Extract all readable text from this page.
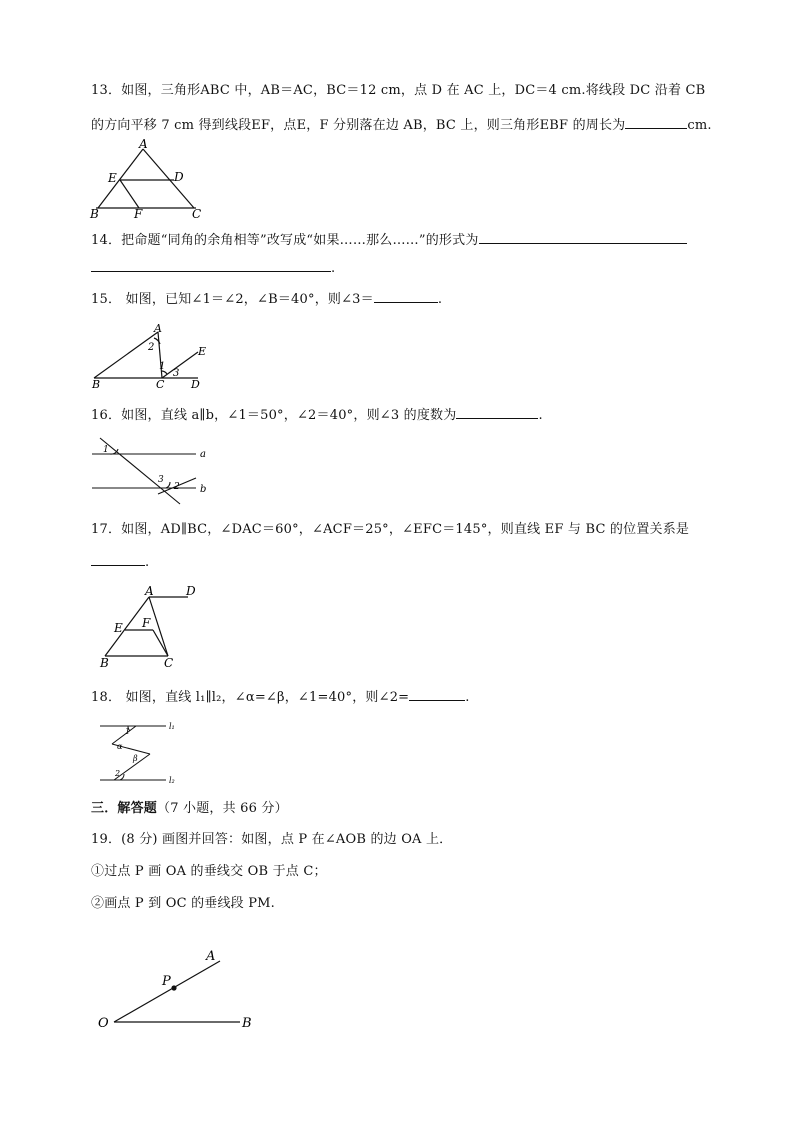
13．如图，三角形ABC 中，AB＝AC，BC＝12 cm，点 D 在 AC 上，DC＝4 cm.将线段 DC 沿着 CB
的方向平移 7 cm 得到线段EF，点E，F 分别落在边 AB，BC 上，则三角形EBF 的周长为	cm.
A
B	C
D
E
F
14．把命题“同角的余角相等”改写成“如果……那么……”的形式为
.
15． 如图，已知∠1＝∠2，∠B＝40°，则∠3＝	.
A
B	C D
E
1
2
3
16．如图，直线 a∥b，∠1＝50°，∠2＝40°，则∠3 的度数为	.
a
b
1
2
3
17．如图，AD∥BC，∠DAC＝60°，∠ACF＝25°，∠EFC＝145°，则直线 EF 与 BC 的位置关系是
.
A	D
B	C
E F
18． 如图，直线 l₁∥l₂，∠α=∠β，∠1=40°，则∠2=	.
l₁
l₂
1
α
β
2
三．解答题（7 小题，共 66 分）
19．(8 分) 画图并回答：如图，点 P 在∠AOB 的边 OA 上．
①过点 P 画 OA 的垂线交 OB 于点 C；
②画点 P 到 OC 的垂线段 PM.
O	B
A
P
